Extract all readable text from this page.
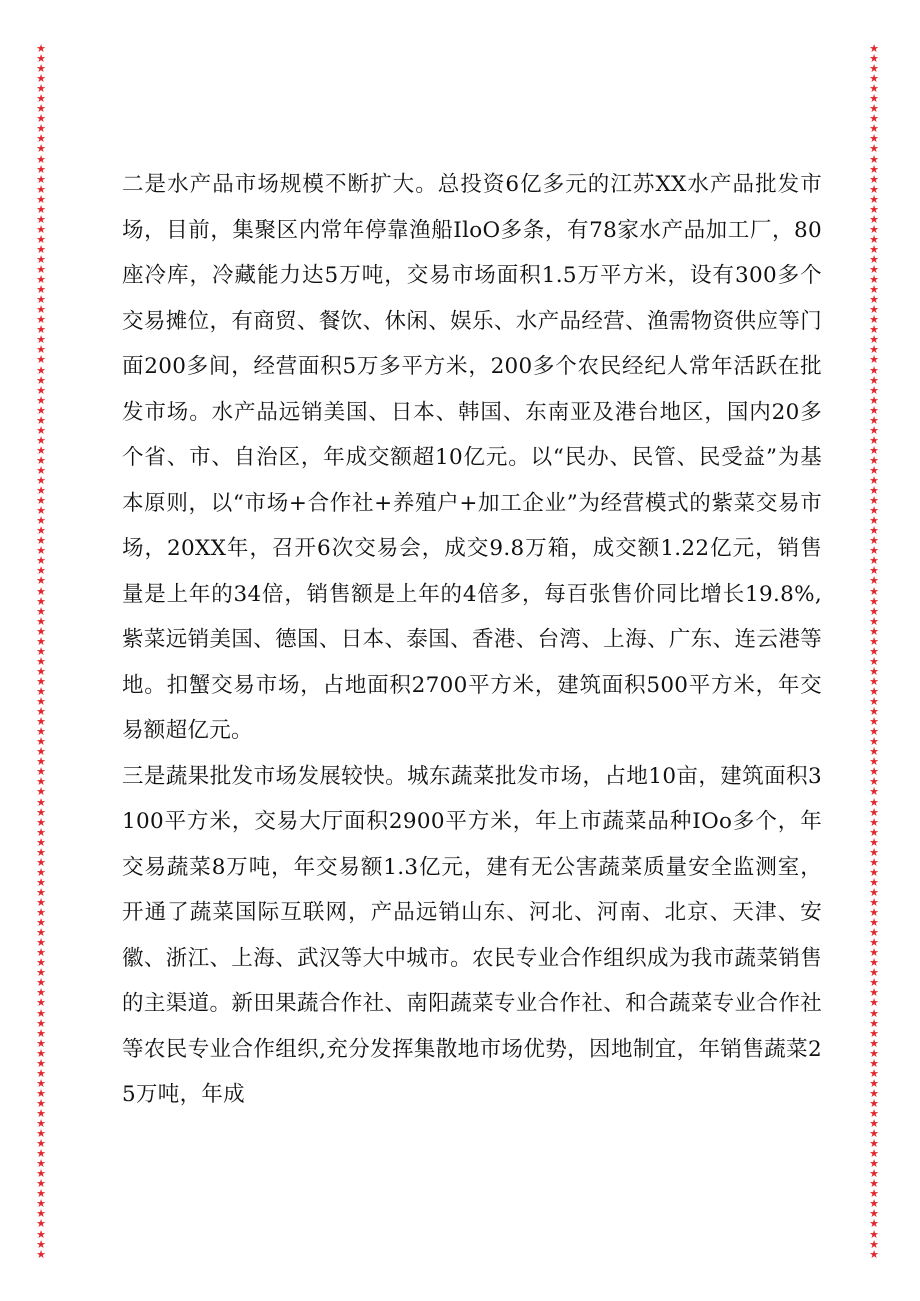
★
★
★
★
★
★
★
★
★
★
★
★
★
★
★
★
★
★
★
★
★
★
★
★
★
★
★
★
★
★
★
★
★
★
★
★
★
★
★
★
★
★
★
★
★
★
★
★
★
★
★
★
★
★
★
★
★
★
★
★
★
★
★
★
★
★
★
★
★
★
★
★
★
★
★
★
★
★
★
★
★
★
★
★
★
★
★
★
★
★
★
★
★
★
★
★
★
★
★
★
★
★
★
★
★
★
★
★
★
★
★
★
★
★
★
★
★
★
★
★
★
★
★
★
★
★
★
★
★
★
★
★
★
★
★
★
★
★
★
★
★
★
★
★
★
★
★
★
★
★
★
★
★
★
★
★
★
★
★
★
★
★
★
★
★
★
★
★
★
★
★
★
★
★
★
★
★
★
★
★
★
★
★
★
★
★
★
★
★
★
★
★
★
★
★
★
★
★
★
★
★
★
★
★
★
★
★
★
★
★
★
★
★
★
★
★
★
★
★
★
★
★
★
★
★
★
★
★
★
★
★
★
★
★
★
★
★
★
★
★
★
★

二是水产品市场规模不断扩大。总投资6亿多元的江苏XX水产品批发市场，目前，集聚区内常年停靠渔船IloO多条，有78家水产品加工厂，80座冷库，冷藏能力达5万吨，交易市场面积1.5万平方米，设有300多个交易摊位，有商贸、餐饮、休闲、娱乐、水产品经营、渔需物资供应等门面200多间，经营面积5万多平方米，200多个农民经纪人常年活跃在批发市场。水产品远销美国、日本、韩国、东南亚及港台地区，国内20多个省、市、自治区，年成交额超10亿元。以“民办、民管、民受益”为基本原则，以“市场+合作社+养殖户+加工企业”为经营模式的紫菜交易市场，20XX年，召开6次交易会，成交9.8万箱，成交额1.22亿元，销售量是上年的34倍，销售额是上年的4倍多，每百张售价同比增长19.8%,紫菜远销美国、德国、日本、泰国、香港、台湾、上海、广东、连云港等地。扣蟹交易市场，占地面积2700平方米，建筑面积500平方米，年交易额超亿元。

三是蔬果批发市场发展较快。城东蔬菜批发市场，占地10亩，建筑面积3100平方米，交易大厅面积2900平方米，年上市蔬菜品种IOo多个，年交易蔬菜8万吨，年交易额1.3亿元，建有无公害蔬菜质量安全监测室，开通了蔬菜国际互联网，产品远销山东、河北、河南、北京、天津、安徽、浙江、上海、武汉等大中城市。农民专业合作组织成为我市蔬菜销售的主渠道。新田果蔬合作社、南阳蔬菜专业合作社、和合蔬菜专业合作社等农民专业合作组织,充分发挥集散地市场优势，因地制宜，年销售蔬菜25万吨，年成
